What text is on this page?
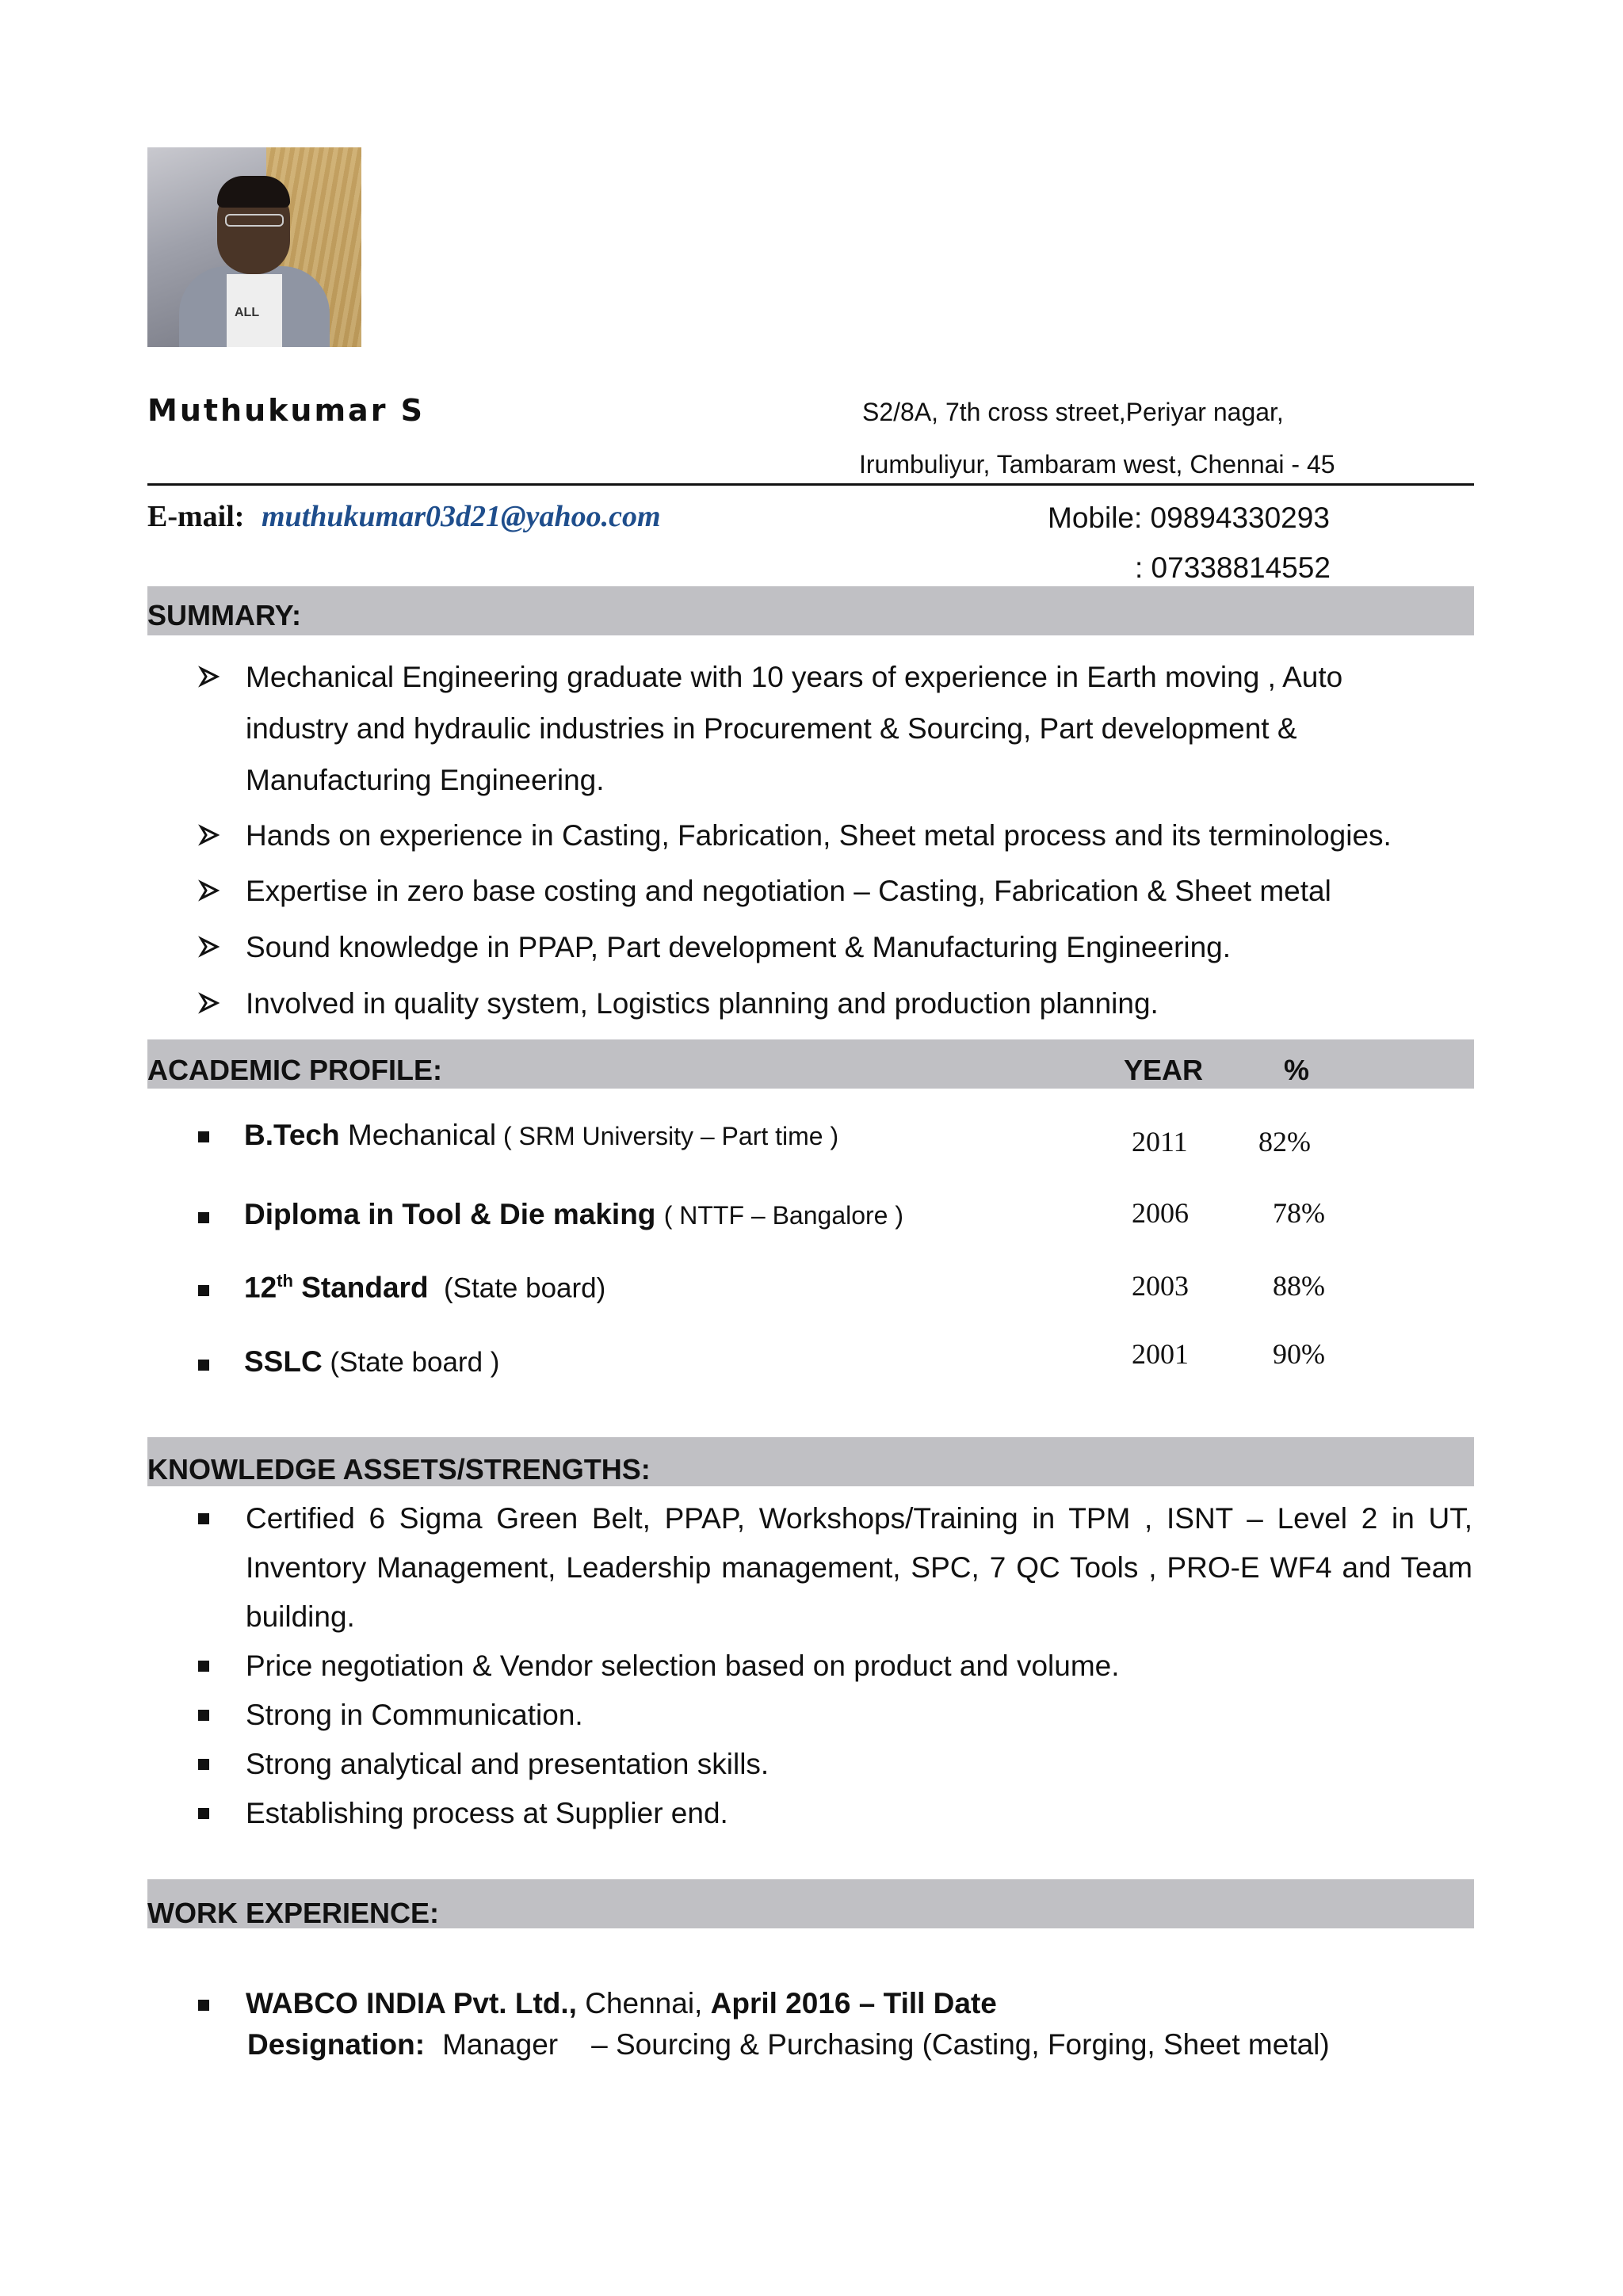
ALL
Muthukumar S	S2/8A, 7th cross street,Periyar nagar,
Irumbuliyur, Tambaram west, Chennai - 45
E-mail: muthukumar03d21@yahoo.com	Mobile: 09894330293
: 07338814552
SUMMARY:
Mechanical Engineering graduate with 10 years of experience in Earth moving , Auto
industry and hydraulic industries in Procurement & Sourcing, Part development &
Manufacturing Engineering.
Hands on experience in Casting, Fabrication, Sheet metal process and its terminologies.
Expertise in zero base costing and negotiation – Casting, Fabrication & Sheet metal
Sound knowledge in PPAP, Part development & Manufacturing Engineering.
Involved in quality system, Logistics planning and production planning.
ACADEMIC PROFILE:	YEAR	%
B.Tech Mechanical ( SRM University – Part time )	2011 82%
Diploma in Tool & Die making ( NTTF – Bangalore )	2006	78%
12th Standard  (State board)	2003	88%
SSLC (State board )	2001	90%
KNOWLEDGE ASSETS/STRENGTHS:
Certified 6 Sigma Green Belt, PPAP, Workshops/Training in TPM , ISNT – Level 2 in UT, Inventory Management, Leadership management, SPC, 7 QC Tools , PRO-E WF4 and Team building.
Price negotiation & Vendor selection based on product and volume.
Strong in Communication.
Strong analytical and presentation skills.
Establishing process at Supplier end.
WORK EXPERIENCE:
WABCO INDIA Pvt. Ltd., Chennai, April 2016 – Till Date
Designation: Manager – Sourcing & Purchasing (Casting, Forging, Sheet metal)
